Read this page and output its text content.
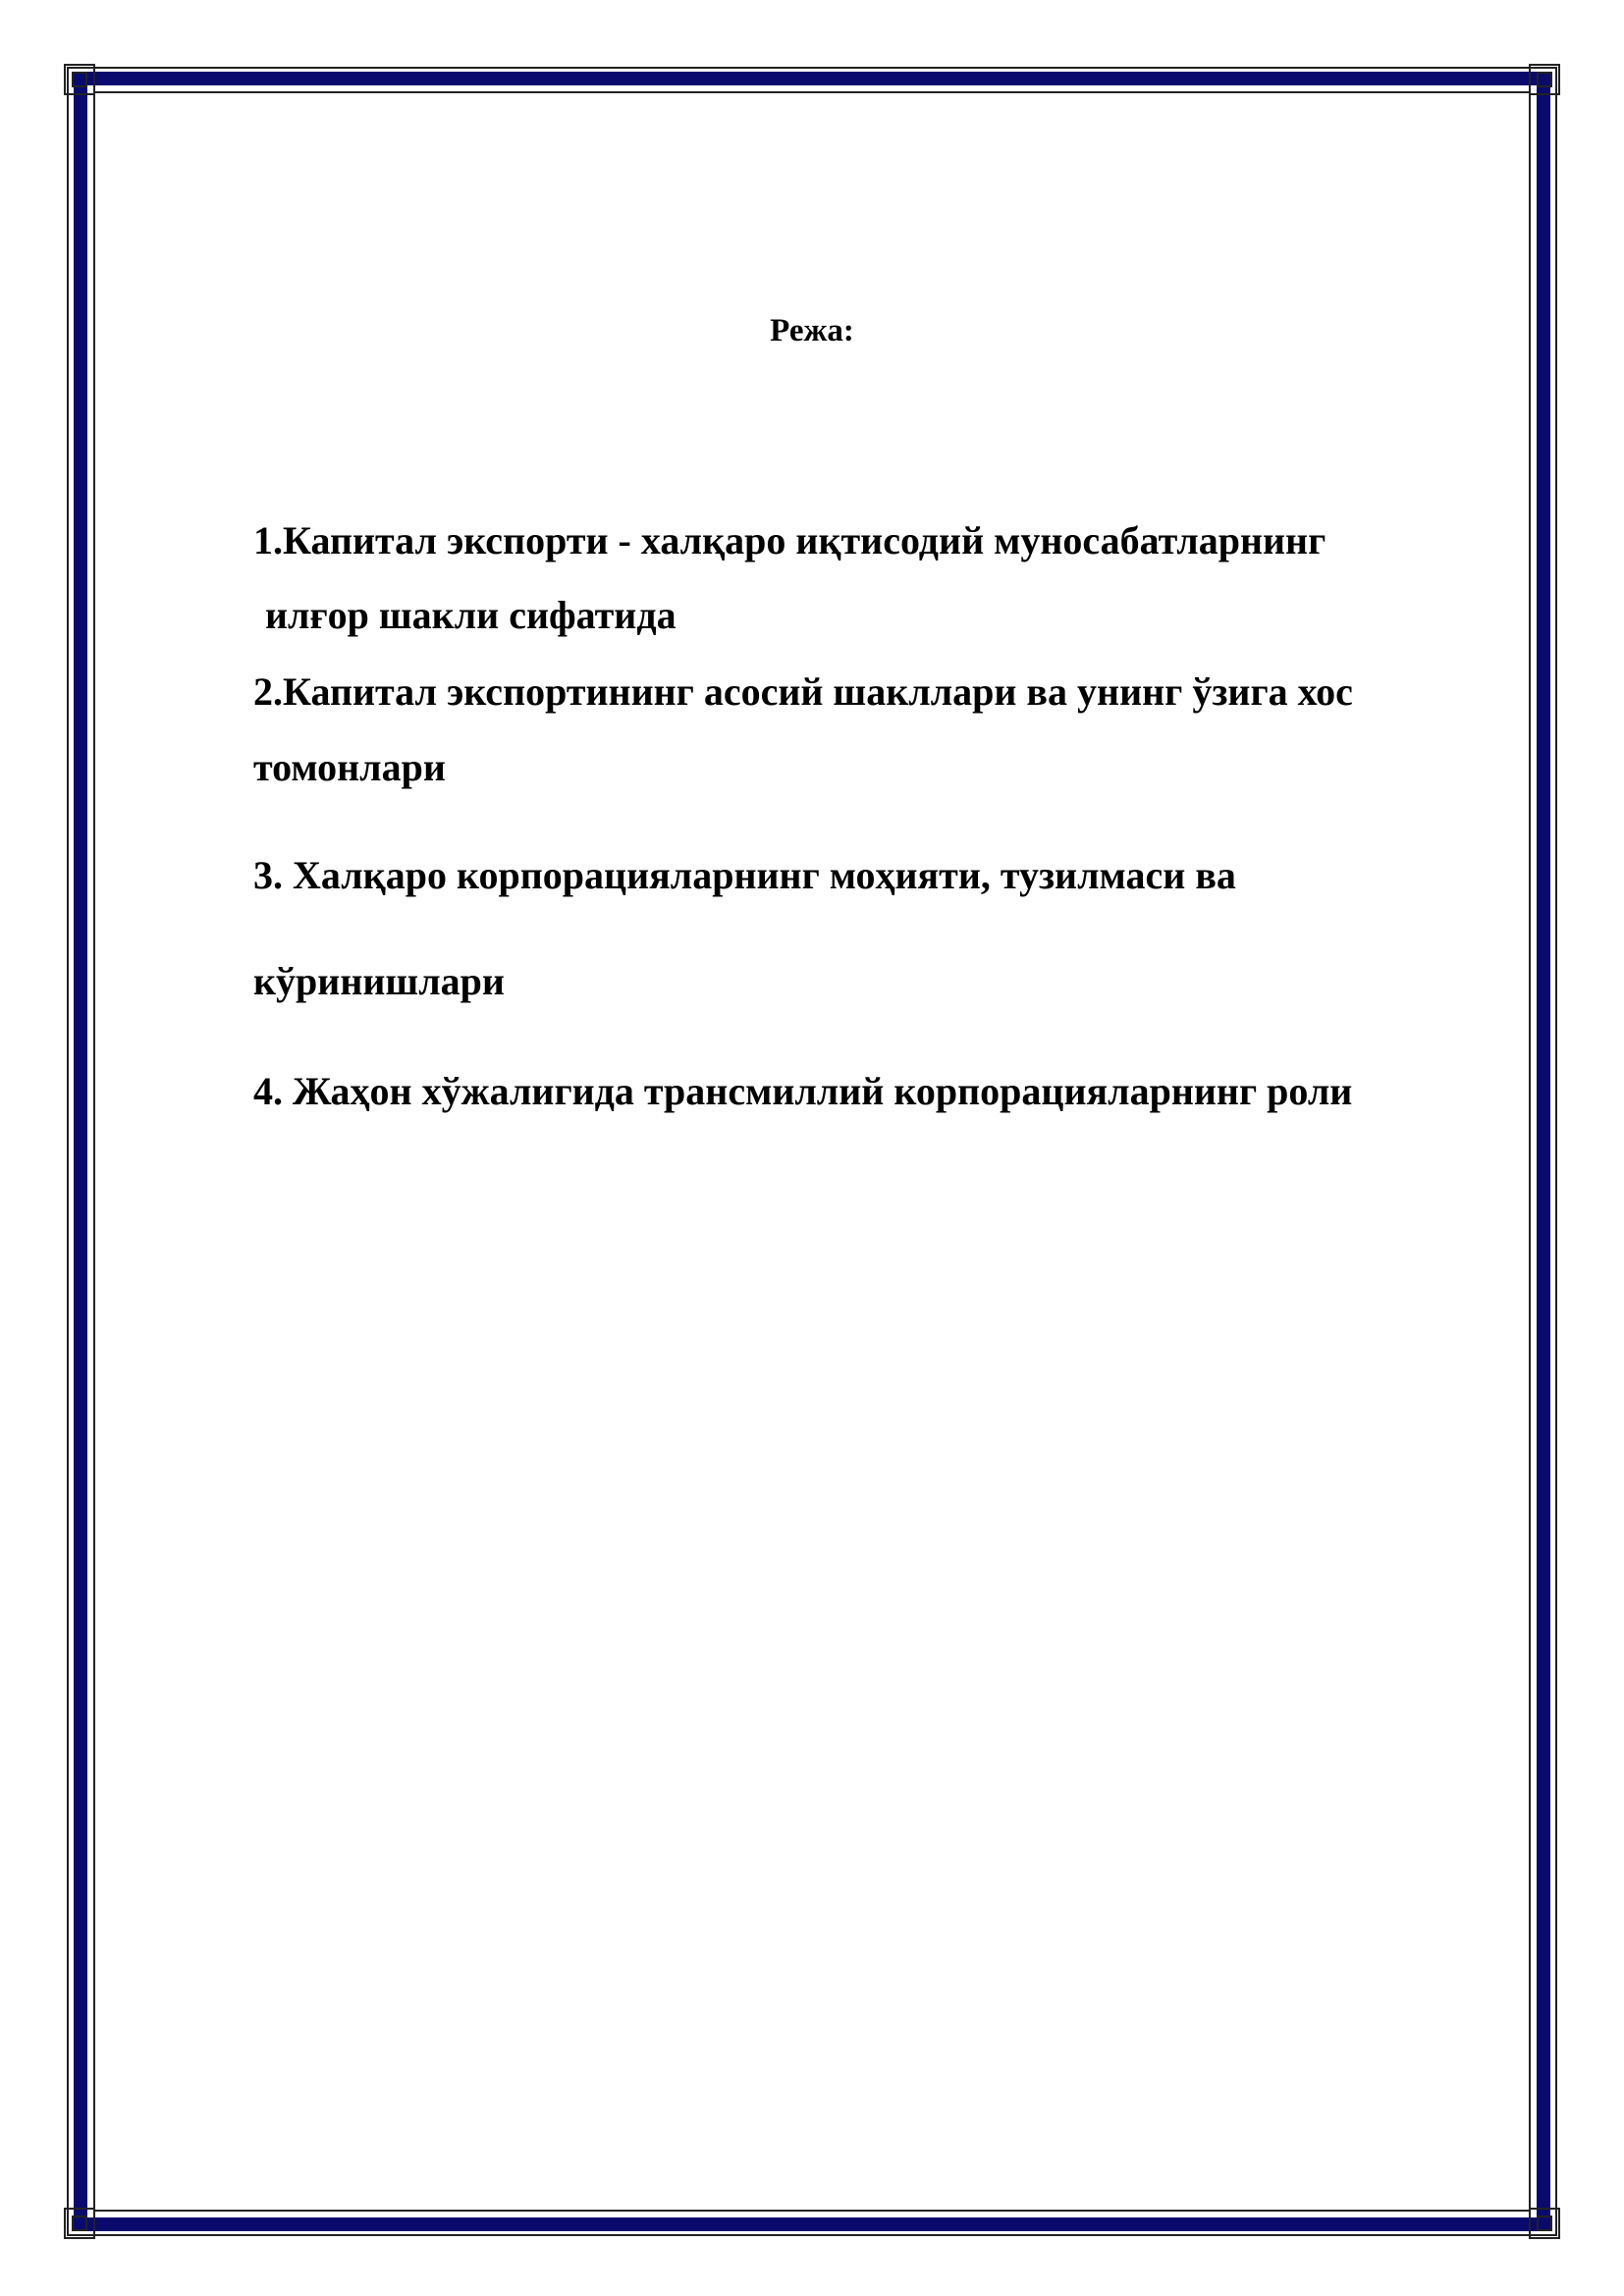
Режа:
1.Капитал экспорти - халқаро иқтисодий муносабатларнинг
илғор шакли сифатида
2.Капитал экспортининг асосий шакллари ва унинг ўзига хос
томонлари
3. Халқаро корпорацияларнинг моҳияти, тузилмаси ва
кўринишлари
4. Жаҳон хўжалигида трансмиллий корпорацияларнинг роли
